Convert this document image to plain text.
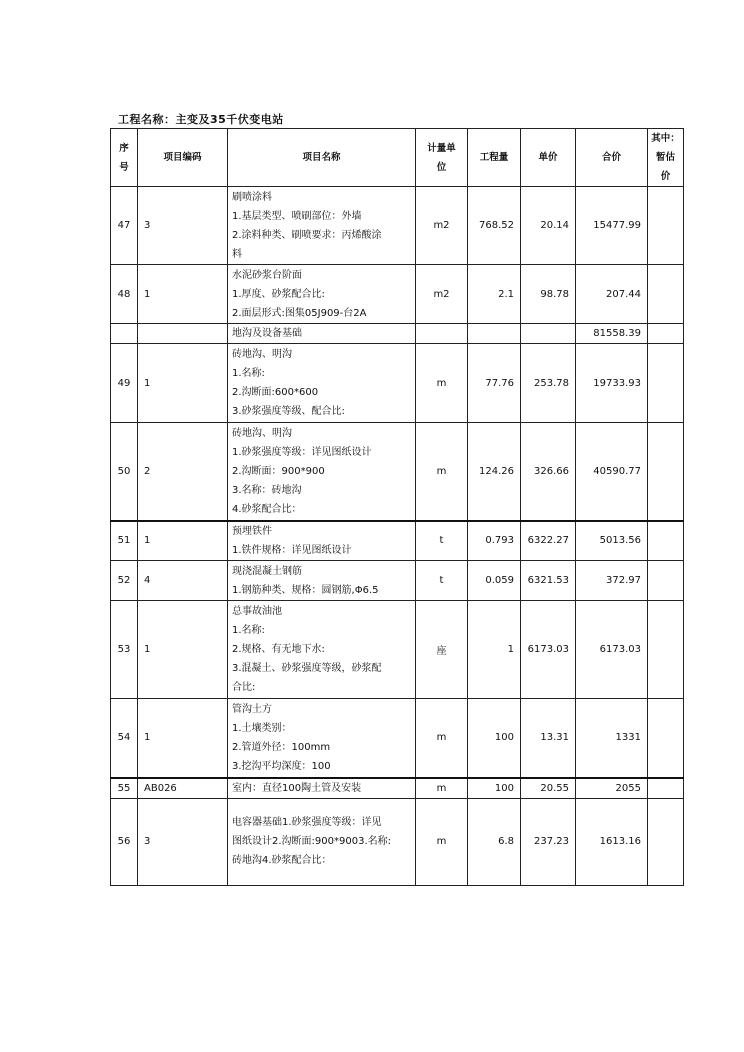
工程名称：主变及35千伏变电站
序
号	项目编码	项目名称	计量单
位	工程量	单价	合价	其中：
暂估
价

47	3	刷喷涂料
1.基层类型、喷刷部位：外墙
2.涂料种类、刷喷要求：丙烯酸涂
料	m2	768.52	20.14	15477.99	
48	1	水泥砂浆台阶面
1.厚度、砂浆配合比:
2.面层形式:图集05J909-台2A	m2	2.1	98.78	207.44	

		地沟及设备基础				81558.39	
49	1	砖地沟、明沟
1.名称:
2.沟断面:600*600
3.砂浆强度等级、配合比:	m	77.76	253.78	19733.93	
50	2	砖地沟、明沟
1.砂浆强度等级：详见图纸设计
2.沟断面：900*900
3.名称：砖地沟
4.砂浆配合比：	m	124.26	326.66	40590.77	
51	1	预埋铁件
1.铁件规格：详见图纸设计	t	0.793	6322.27	5013.56	
52	4	现浇混凝土钢筋
1.钢筋种类、规格：圆钢筋,Φ6.5	t	0.059	6321.53	372.97	
53	1	总事故油池
1.名称:
2.规格、有无地下水:
3.混凝土、砂浆强度等级，砂浆配
合比:	座	1	6173.03	6173.03	
54	1	管沟土方
1.土壤类别：
2.管道外径：100mm
3.挖沟平均深度：100	m	100	13.31	1331	
55	AB026	室内：直径100陶土管及安装	m	100	20.55	2055	
56	3	电容器基础1.砂浆强度等级：详见
图纸设计2.沟断面:900*9003.名称:
砖地沟4.砂浆配合比：	m	6.8	237.23	1613.16	
